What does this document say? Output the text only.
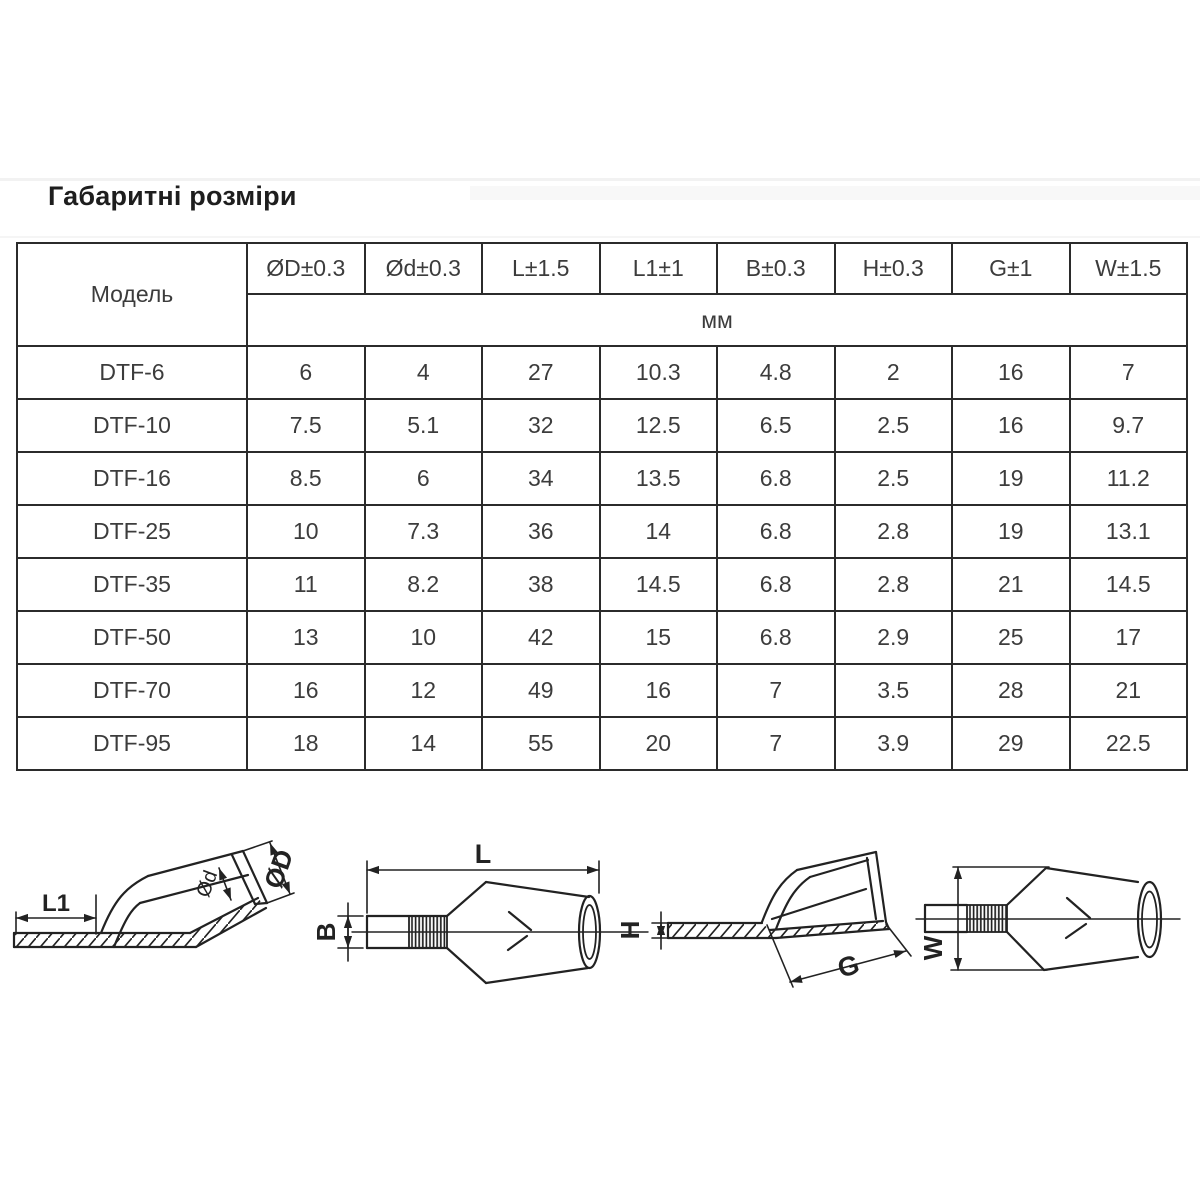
Габаритні розміри
Модель	ØD±0.3	Ød±0.3	L±1.5	L1±1	B±0.3	H±0.3	G±1	W±1.5
	мм							
DTF-6	6	4	27	10.3	4.8	2	16	7
DTF-10	7.5	5.1	32	12.5	6.5	2.5	16	9.7
DTF-16	8.5	6	34	13.5	6.8	2.5	19	11.2
DTF-25	10	7.3	36	14	6.8	2.8	19	13.1
DTF-35	11	8.2	38	14.5	6.8	2.8	21	14.5
DTF-50	13	10	42	15	6.8	2.9	25	17
DTF-70	16	12	49	16	7	3.5	28	21
DTF-95	18	14	55	20	7	3.9	29	22.5
L1
Ød ØD	L
B	H
G
W
